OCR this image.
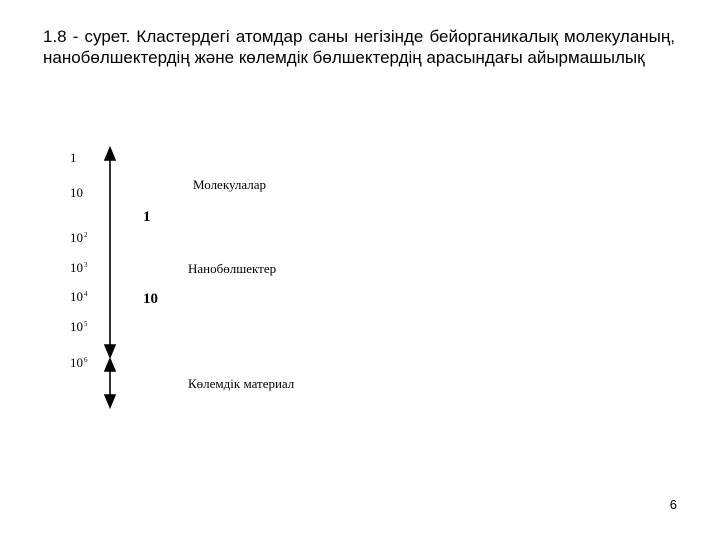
1.8 - сурет. Кластердегі атомдар саны негізінде бейорганикалық молекуланың, нанобөлшектердің және көлемдік бөлшектердің арасындағы айырмашылық
1
10
$10^2$
$10^3$
$10^4$
$10^5$
$10^6$
Молекулалар
Нанобөлшектер
Көлемдік материал
1
10
6
